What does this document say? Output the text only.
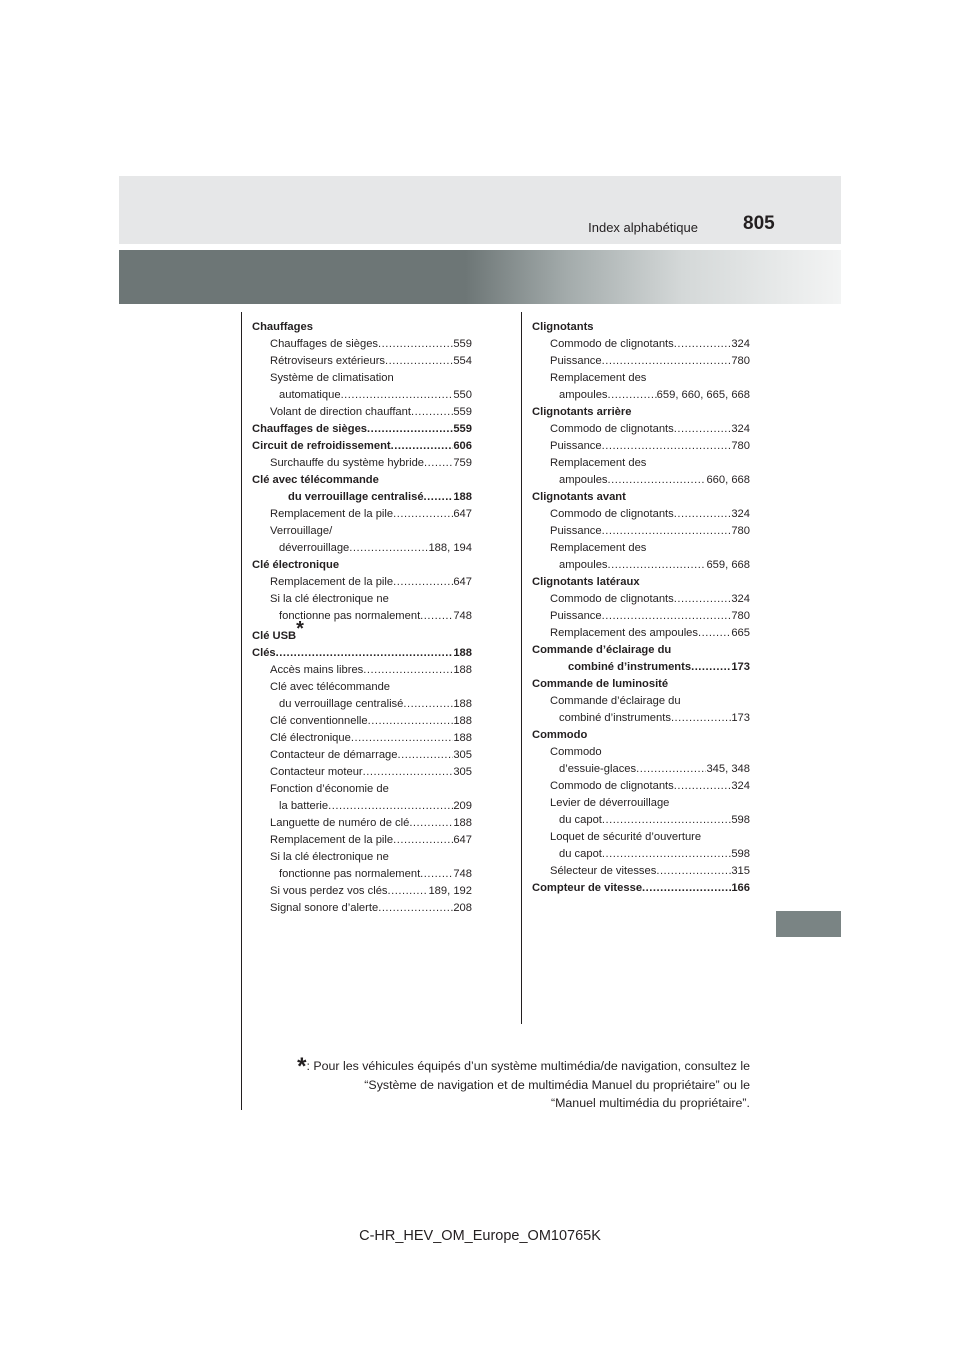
Index alphabétique 805
Chauffages
Chauffages de sièges .....	559
Rétroviseurs extérieurs .....	554
Système de climatisation
automatique .....	550
Volant de direction chauffant .....	559
Chauffages de sièges .....	559
Circuit de refroidissement .....	606
Surchauffe du système hybride .....	759
Clé avec télécommande
du verrouillage centralisé .....	188
Remplacement de la pile .....	647
Verrouillage/
déverrouillage .....	188, 194
Clé électronique
Remplacement de la pile .....	647
Si la clé électronique ne
fonctionne pas normalement .....	748
Clé USB*
Clés .....	188
Accès mains libres .....	188
Clé avec télécommande
du verrouillage centralisé .....	188
Clé conventionnelle .....	188
Clé électronique .....	188
Contacteur de démarrage .....	305
Contacteur moteur .....	305
Fonction d’économie de
la batterie .....	209
Languette de numéro de clé .....	188
Remplacement de la pile .....	647
Si la clé électronique ne
fonctionne pas normalement .....	748
Si vous perdez vos clés .....	189, 192
Signal sonore d’alerte .....	208
Clignotants
Commodo de clignotants .....	324
Puissance .....	780
Remplacement des
ampoules .....	659, 660, 665, 668
Clignotants arrière
Commodo de clignotants .....	324
Puissance .....	780
Remplacement des
ampoules .....	660, 668
Clignotants avant
Commodo de clignotants .....	324
Puissance .....	780
Remplacement des
ampoules .....	659, 668
Clignotants latéraux
Commodo de clignotants .....	324
Puissance .....	780
Remplacement des ampoules .....	665
Commande d’éclairage du
combiné d’instruments .....	173
Commande de luminosité
Commande d’éclairage du
combiné d’instruments .....	173
Commodo
Commodo
d’essuie-glaces .....	345, 348
Commodo de clignotants .....	324
Levier de déverrouillage
du capot .....	598
Loquet de sécurité d’ouverture
du capot .....	598
Sélecteur de vitesses .....	315
Compteur de vitesse .....	166
*: Pour les véhicules équipés d’un système multimédia/de navigation, consultez le
“Système de navigation et de multimédia Manuel du propriétaire” ou le
“Manuel multimédia du propriétaire”.
C-HR_HEV_OM_Europe_OM10765K
